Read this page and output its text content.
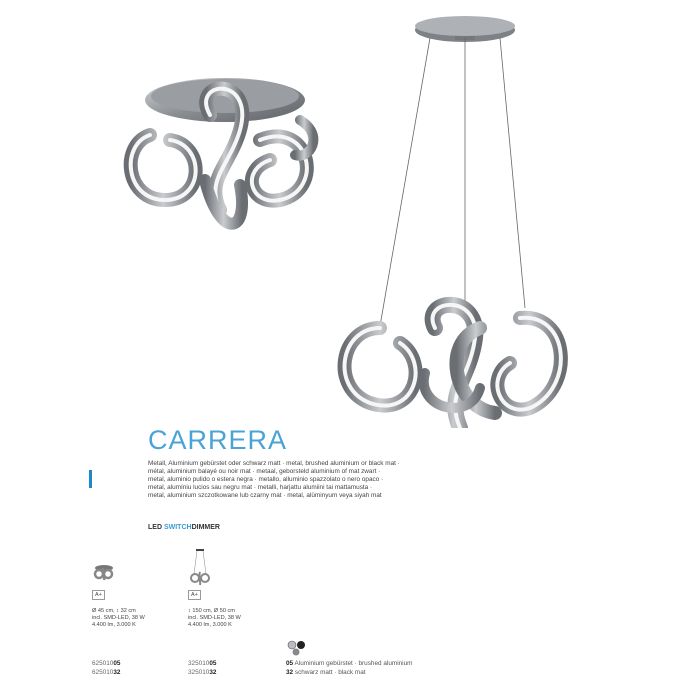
CARRERA
Metall, Aluminium gebürstet oder schwarz matt · metal, brushed aluminium or black mat ·
métal, aluminium balayé ou noir mat · metaal, geborsteld aluminium of mat zwart ·
metal, aluminio pulido o estera negra · metallo, alluminio spazzolato o nero opaco ·
metal, alumíniu lucios sau negru mat · metalli, harjattu alumiini tai mattamusta ·
metal, aluminium szczotkowane lub czarny mat · metal, alüminyum veya siyah mat
LED SWITCHDIMMER
A+
Ø 45 cm, ↕ 32 cm
incl. SMD-LED, 38 W
4.400 lm, 3.000 K
62501005
62501032
A+
↕ 150 cm, Ø 50 cm
incl. SMD-LED, 38 W
4.400 lm, 3.000 K
32501005
32501032
05 Aluminium gebürstet · brushed aluminium
32 schwarz matt · black mat
